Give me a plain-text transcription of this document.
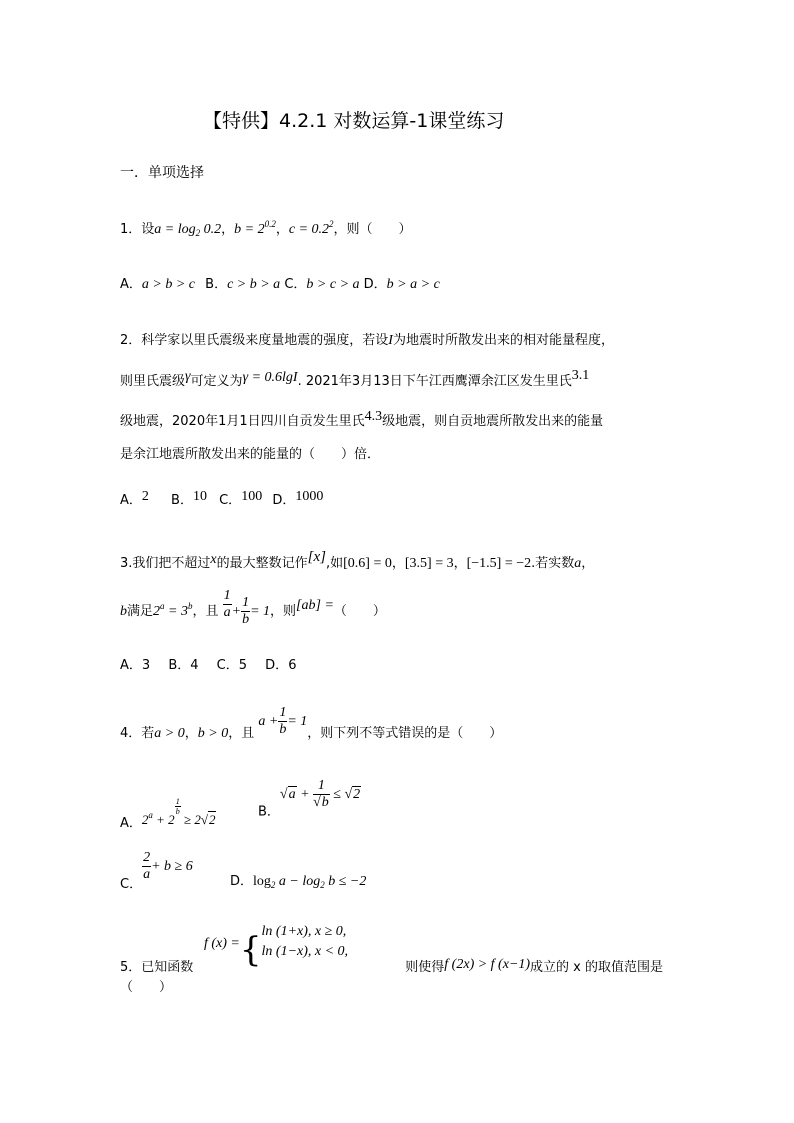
【特供】4.2.1 对数运算-1课堂练习
一．单项选择
1．设$a = \log_2 0.2$，$b = 2^{0.2}$，$c = 0.2^2$，则（　　）
A．a > b > c B．c > b > a C．b > c > a D．b > a > c
2．科学家以里氏震级来度量地震的强度，若设I为地震时所散发出来的相对能量程度，
则里氏震级γ可定义为γ = 0.6lgI. 2021年3月13日下午江西鹰潭余江区发生里氏3.1
级地震，2020年1月1日四川自贡发生里氏4.3级地震，则自贡地震所散发出来的能量
是余江地震所散发出来的能量的（　　）倍．
A．2 B．10 C．100 D．1000
3.我们把不超过x的最大整数记作[x],如[0.6] = 0，[3.5] = 3，[−1.5] = −2.若实数a，
b满足$2^a = 3^b$，且 $\frac{1}{a} + \frac{1}{b} = 1$，则[ab] =（　　）
A．3 B．4 C．5 D．6
4．若a > 0，b > 0，且 $a + \frac{1}{b} = 1$，则下列不等式错误的是（　　）
A．$2^a + 2$
$\frac{1}{b}$
≥ 2√2	B．$√a + \frac{1}{√b} \le √2$
C．
$\frac{2}{a} + b \ge 6$
D．$\log_2 a - \log_2 b \le -2$
f (x) ={ ln (1+x), x ≥ 0,
ln (1−x), x < 0,
5．已知函数	则使得f (2x) > f (x−1)成立的 x 的取值范围是
（　　）
